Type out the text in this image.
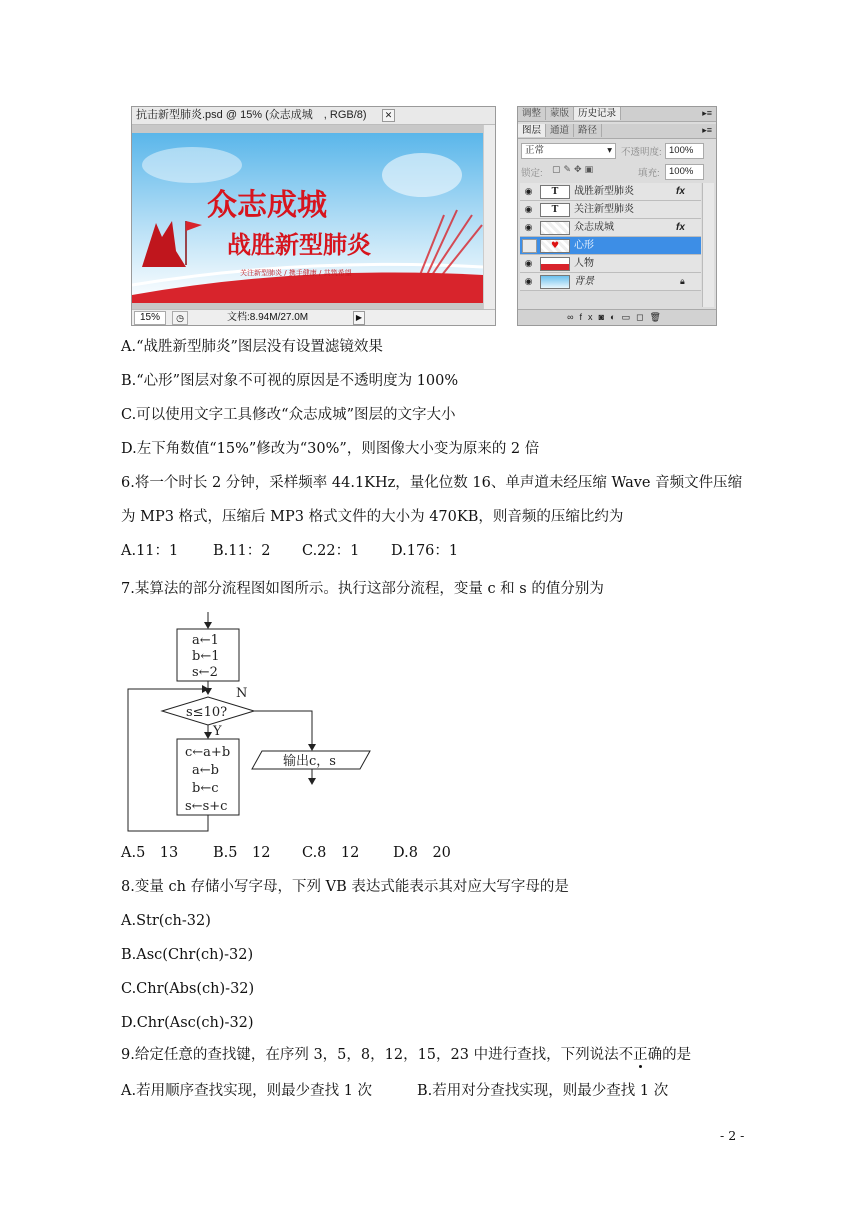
抗击新型肺炎.psd @ 15% (众志成城　, RGB/8)	✕
众志成城
战胜新型肺炎
关注新型肺炎 / 携手健康 / 共筑希望
15%	◷	文档:8.94M/27.0M	▶
调整 蒙版 历史记录	▸≡
图层 通道 路径	▸≡
正常	▾ 不透明度: 100%
锁定: ▢✎✥▣	填充: 100%
◉	T	战胜新型肺炎	fx
◉	T	关注新型肺炎
◉	众志成城	fx
♥	心形
◉	人物
◉	背景	🔒︎
∞fx◙◐▭◻🗑︎
A.“战胜新型肺炎”图层没有设置滤镜效果
B.“心形”图层对象不可视的原因是不透明度为 100%
C.可以使用文字工具修改“众志成城”图层的文字大小
D.左下角数值“15%”修改为“30%”，则图像大小变为原来的 2 倍
6.将一个时长 2 分钟，采样频率 44.1KHz，量化位数 16、单声道未经压缩 Wave 音频文件压缩
为 MP3 格式，压缩后 MP3 格式文件的大小为 470KB，则音频的压缩比约为
A.11：1 B.11：2 C.22：1 D.176：1
7.某算法的部分流程图如图所示。执行这部分流程，变量 c 和 s 的值分别为
a←1
b←1
s←2
s≤10?
N
Y
c←a+b
a←b
b←c
s←s+c
输出c，s
A.5　13 B.5　12 C.8　12 D.8　20
8.变量 ch 存储小写字母，下列 VB 表达式能表示其对应大写字母的是
A.Str(ch-32)
B.Asc(Chr(ch)-32)
C.Chr(Abs(ch)-32)
D.Chr(Asc(ch)-32)
9.给定任意的查找键，在序列 3，5，8，12，15，23 中进行查找，下列说法不正确的是
A.若用顺序查找实现，则最少查找 1 次	B.若用对分查找实现，则最少查找 1 次
- 2 -
